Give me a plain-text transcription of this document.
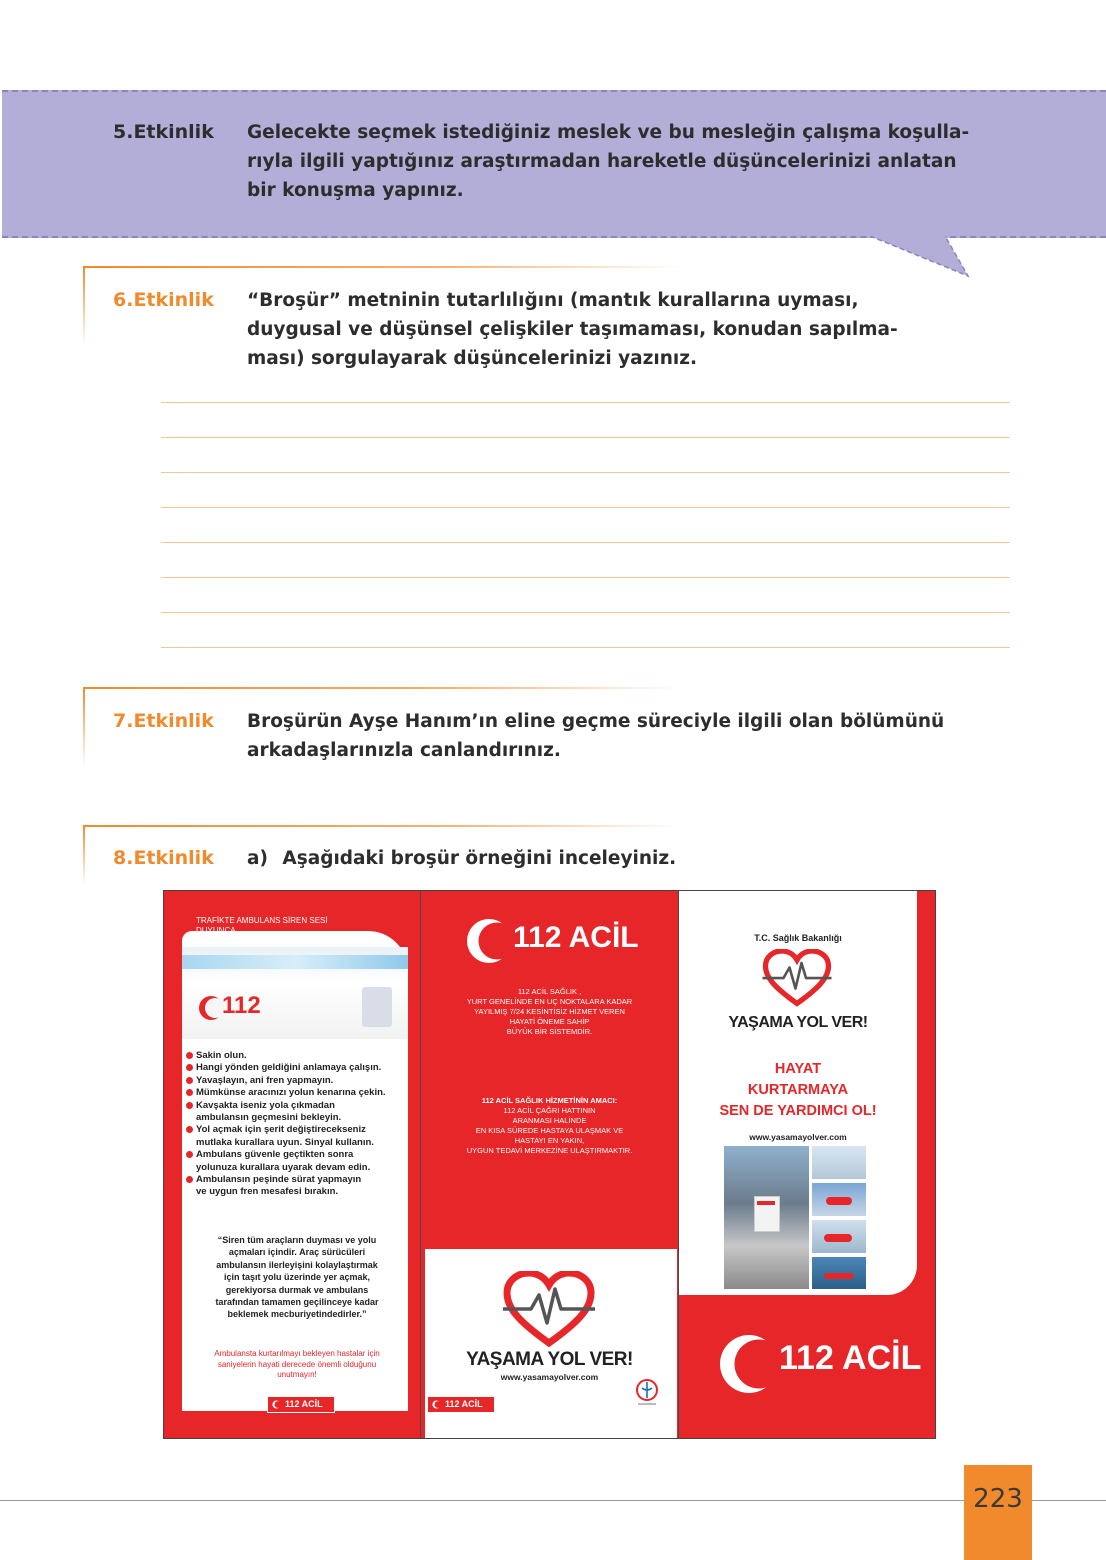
5.Etkinlik Gelecekte seçmek istediğiniz meslek ve bu mesleğin çalışma koşulla-
rıyla ilgili yaptığınız araştırmadan hareketle düşüncelerinizi anlatan
bir konuşma yapınız.
6.Etkinlik “Broşür” metninin tutarlılığını (mantık kurallarına uyması,
duygusal ve düşünsel çelişkiler taşımaması, konudan sapılma-
ması) sorgulayarak düşüncelerinizi yazınız.
7.Etkinlik Broşürün Ayşe Hanım’ın eline geçme süreciyle ilgili olan bölümünü
arkadaşlarınızla canlandırınız.
8.Etkinlik a) Aşağıdaki broşür örneğini inceleyiniz.
TRAFİKTE AMBULANS SİREN SESİ
DUYUNCA ...
112
Sakin olun.
Hangi yönden geldiğini anlamaya çalışın.
Yavaşlayın, ani fren yapmayın.
Mümkünse aracınızı yolun kenarına çekin.
Kavşakta iseniz yola çıkmadan
ambulansın geçmesini bekleyin.
Yol açmak için şerit değiştirecekseniz
mutlaka kurallara uyun. Sinyal kullanın.
Ambulans güvenle geçtikten sonra
yolunuza kurallara uyarak devam edin.
Ambulansın peşinde sürat yapmayın
ve uygun fren mesafesi bırakın.
“Siren tüm araçların duyması ve yolu
açmaları içindir. Araç sürücüleri
ambulansın ilerleyişini kolaylaştırmak
için taşıt yolu üzerinde yer açmak,
gerekiyorsa durmak ve ambulans
tarafından tamamen geçilinceye kadar
beklemek mecburiyetindedirler.”
Ambulansta kurtarılmayı bekleyen hastalar için
saniyelerin hayati derecede önemli olduğunu
unutmayın!
112 ACİL
112 ACİL
112 ACİL SAĞLIK ,
YURT GENELİNDE EN UÇ NOKTALARA KADAR
YAYILMIŞ 7/24 KESİNTİSİZ HİZMET VEREN
HAYATİ ÖNEME SAHİP
BÜYÜK BİR SİSTEMDİR.
112 ACİL SAĞLIK HİZMETİNİN AMACI:
112 ACİL ÇAĞRI HATTININ
ARANMASI HALİNDE
EN KISA SÜREDE HASTAYA ULAŞMAK VE
HASTAYI EN YAKIN,
UYGUN TEDAVİ MERKEZİNE ULAŞTIRMAKTIR.
YAŞAMA YOL VER!
www.yasamayolver.com
112 ACİL
T.C. Sağlık Bakanlığı
YAŞAMA YOL VER!
HAYAT
KURTARMAYA
SEN DE YARDIMCI OL!
www.yasamayolver.com
112 ACİL
223
